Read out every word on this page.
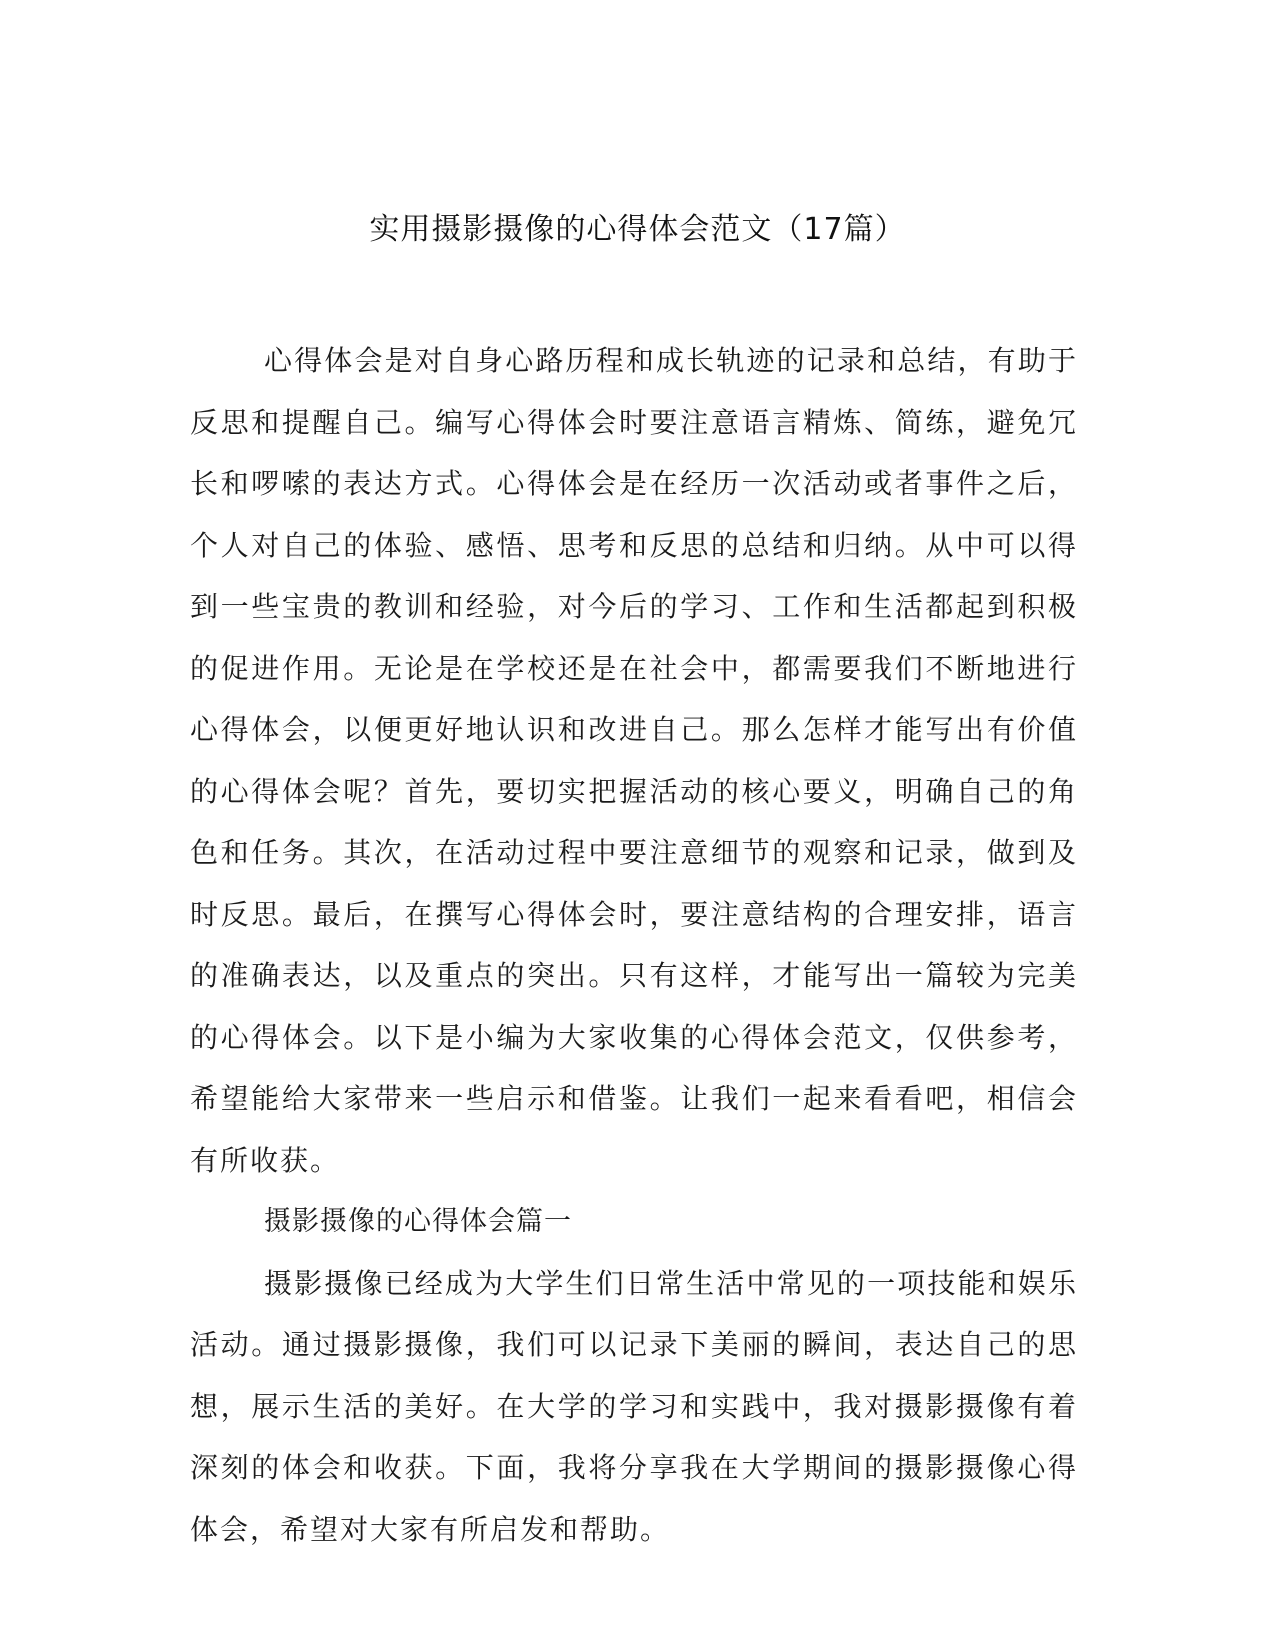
实用摄影摄像的心得体会范文（17篇）

心得体会是对自身心路历程和成长轨迹的记录和总结，有助于反思和提醒自己。编写心得体会时要注意语言精炼、简练，避免冗长和啰嗦的表达方式。心得体会是在经历一次活动或者事件之后，个人对自己的体验、感悟、思考和反思的总结和归纳。从中可以得到一些宝贵的教训和经验，对今后的学习、工作和生活都起到积极的促进作用。无论是在学校还是在社会中，都需要我们不断地进行心得体会，以便更好地认识和改进自己。那么怎样才能写出有价值的心得体会呢？首先，要切实把握活动的核心要义，明确自己的角色和任务。其次，在活动过程中要注意细节的观察和记录，做到及时反思。最后，在撰写心得体会时，要注意结构的合理安排，语言的准确表达，以及重点的突出。只有这样，才能写出一篇较为完美的心得体会。以下是小编为大家收集的心得体会范文，仅供参考，希望能给大家带来一些启示和借鉴。让我们一起来看看吧，相信会有所收获。

摄影摄像的心得体会篇一

摄影摄像已经成为大学生们日常生活中常见的一项技能和娱乐活动。通过摄影摄像，我们可以记录下美丽的瞬间，表达自己的思想，展示生活的美好。在大学的学习和实践中，我对摄影摄像有着深刻的体会和收获。下面，我将分享我在大学期间的摄影摄像心得体会，希望对大家有所启发和帮助。
